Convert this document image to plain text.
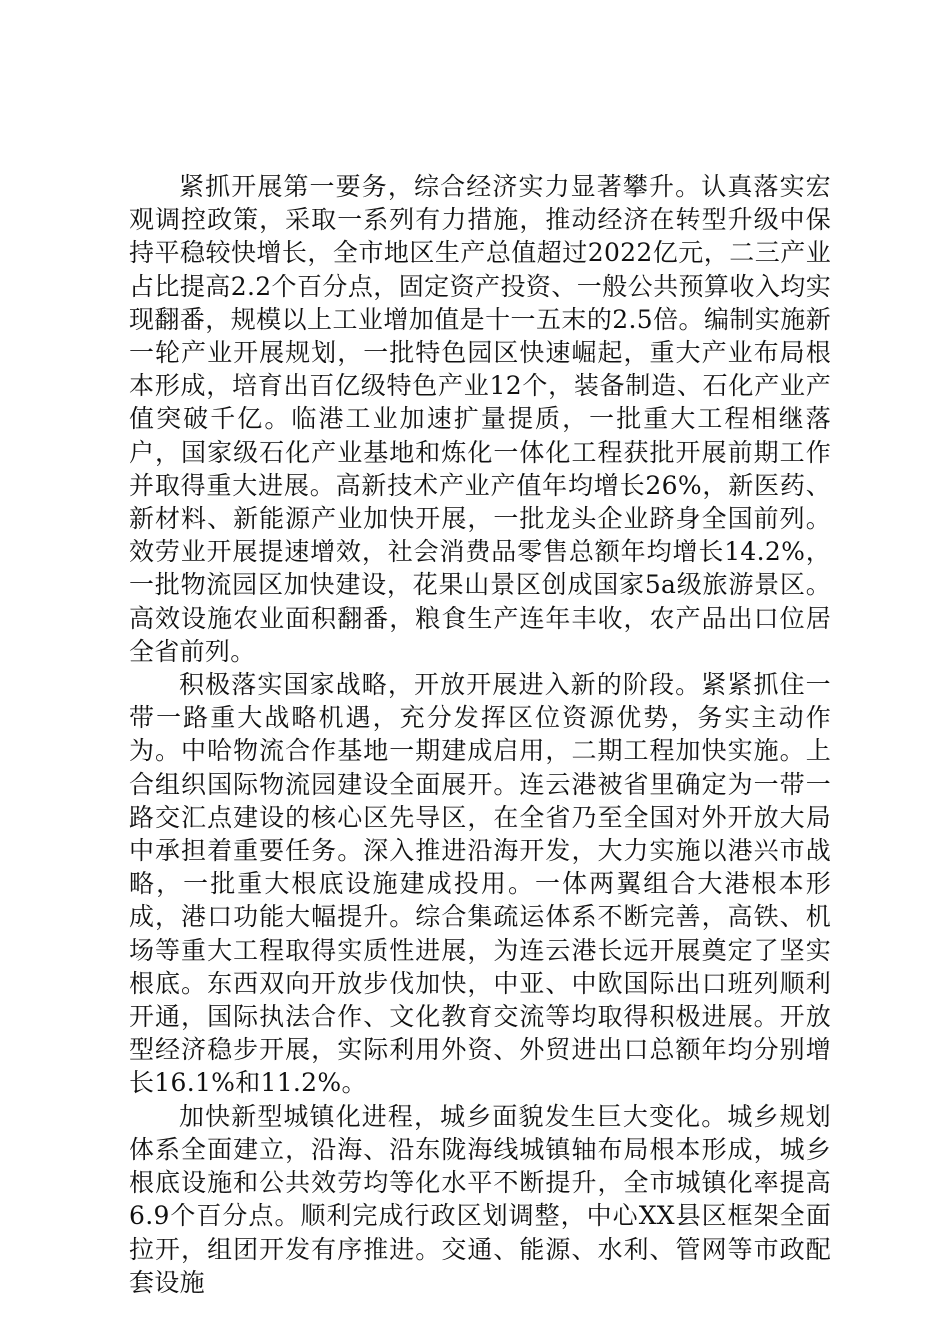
紧抓开展第一要务，综合经济实力显著攀升。认真落实宏观调控政策，采取一系列有力措施，推动经济在转型升级中保持平稳较快增长，全市地区生产总值超过2022亿元，二三产业占比提高2.2个百分点，固定资产投资、一般公共预算收入均实现翻番，规模以上工业增加值是十一五末的2.5倍。编制实施新一轮产业开展规划，一批特色园区快速崛起，重大产业布局根本形成，培育出百亿级特色产业12个，装备制造、石化产业产值突破千亿。临港工业加速扩量提质，一批重大工程相继落户，国家级石化产业基地和炼化一体化工程获批开展前期工作并取得重大进展。高新技术产业产值年均增长26%，新医药、新材料、新能源产业加快开展，一批龙头企业跻身全国前列。效劳业开展提速增效，社会消费品零售总额年均增长14.2%，一批物流园区加快建设，花果山景区创成国家5a级旅游景区。高效设施农业面积翻番，粮食生产连年丰收，农产品出口位居全省前列。

积极落实国家战略，开放开展进入新的阶段。紧紧抓住一带一路重大战略机遇，充分发挥区位资源优势，务实主动作为。中哈物流合作基地一期建成启用，二期工程加快实施。上合组织国际物流园建设全面展开。连云港被省里确定为一带一路交汇点建设的核心区先导区，在全省乃至全国对外开放大局中承担着重要任务。深入推进沿海开发，大力实施以港兴市战略，一批重大根底设施建成投用。一体两翼组合大港根本形成，港口功能大幅提升。综合集疏运体系不断完善，高铁、机场等重大工程取得实质性进展，为连云港长远开展奠定了坚实根底。东西双向开放步伐加快，中亚、中欧国际出口班列顺利开通，国际执法合作、文化教育交流等均取得积极进展。开放型经济稳步开展，实际利用外资、外贸进出口总额年均分别增长16.1%和11.2%。

加快新型城镇化进程，城乡面貌发生巨大变化。城乡规划体系全面建立，沿海、沿东陇海线城镇轴布局根本形成，城乡根底设施和公共效劳均等化水平不断提升，全市城镇化率提高6.9个百分点。顺利完成行政区划调整，中心XX县区框架全面拉开，组团开发有序推进。交通、能源、水利、管网等市政配套设施
